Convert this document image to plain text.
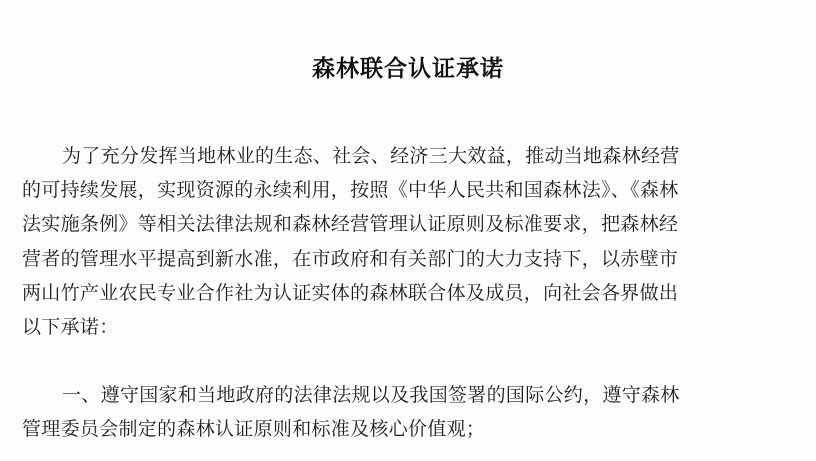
森林联合认证承诺
为了充分发挥当地林业的生态、社会、经济三大效益，推动当地森林经营
的可持续发展，实现资源的永续利用，按照《中华人民共和国森林法》、《森林
法实施条例》等相关法律法规和森林经营管理认证原则及标准要求，把森林经
营者的管理水平提高到新水准，在市政府和有关部门的大力支持下，以赤壁市
两山竹产业农民专业合作社为认证实体的森林联合体及成员，向社会各界做出
以下承诺：
一、遵守国家和当地政府的法律法规以及我国签署的国际公约，遵守森林
管理委员会制定的森林认证原则和标准及核心价值观；
